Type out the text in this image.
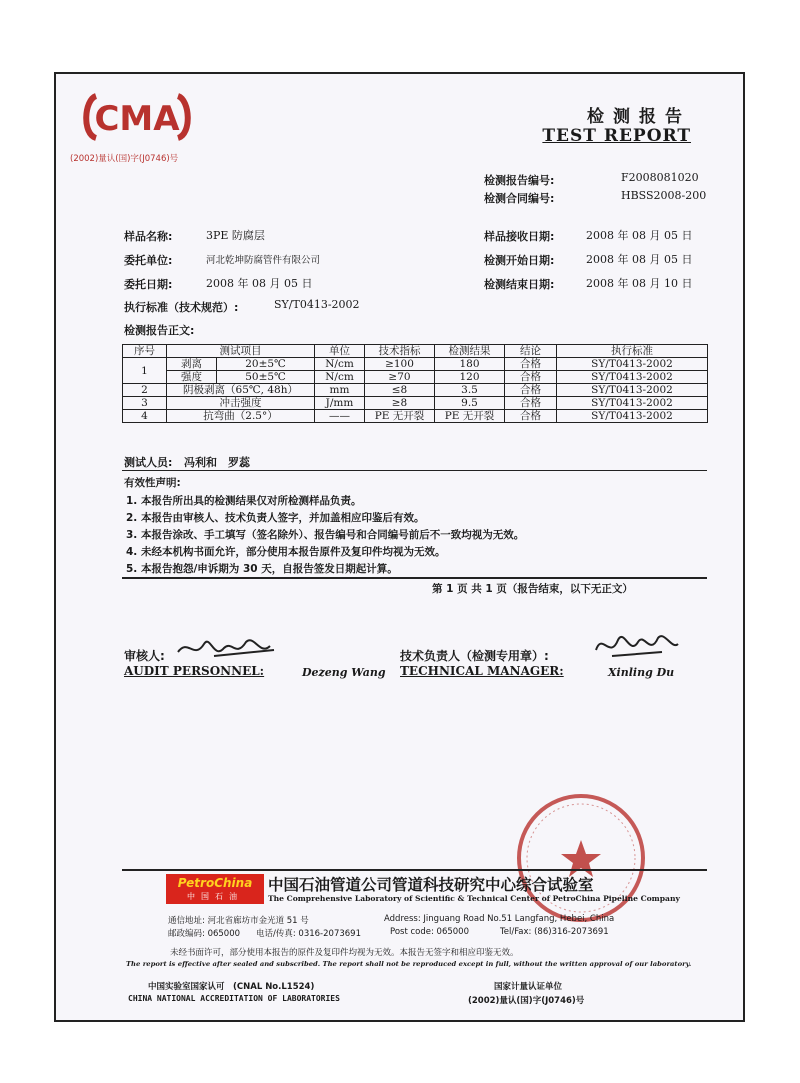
CMA
(2002)量认(国)字(J0746)号
检测报告
TEST REPORT
检测报告编号:	F2008081020
检测合同编号:	HBSS2008-200
样品名称:	3PE 防腐层
委托单位:	河北乾坤防腐管件有限公司
委托日期:	2008 年 08 月 05 日
执行标准（技术规范）:	SY/T0413-2002
检测报告正文:
样品接收日期:	2008 年 08 月 05 日
检测开始日期:	2008 年 08 月 05 日
检测结束日期:	2008 年 08 月 10 日
序号	测试项目		单位	技术指标	检测结果	结论	执行标准
1	剥离	20±5℃	N/cm	≥100	180	合格	SY/T0413-2002
	强度	50±5℃	N/cm	≥70	120	合格	SY/T0413-2002
2	阴极剥离（65℃, 48h）		mm	≤8	3.5	合格	SY/T0413-2002
3	冲击强度		J/mm	≥8	9.5	合格	SY/T0413-2002
4	抗弯曲（2.5°）		——	PE 无开裂	PE 无开裂	合格	SY/T0413-2002
测试人员: 冯利和　罗蕊
有效性声明:
1. 本报告所出具的检测结果仅对所检测样品负责。
2. 本报告由审核人、技术负责人签字，并加盖相应印鉴后有效。
3. 本报告涂改、手工填写（签名除外）、报告编号和合同编号前后不一致均视为无效。
4. 未经本机构书面允许，部分使用本报告原件及复印件均视为无效。
5. 本报告抱怨/申诉期为 30 天，自报告签发日期起计算。
第 1 页 共 1 页（报告结束，以下无正文）
审核人:
AUDIT PERSONNEL:	Dezeng Wang
技术负责人（检测专用章）:
TECHNICAL MANAGER:	Xinling Du
PetroChina
中国石油
中国石油管道公司管道科技研究中心综合试验室
The Comprehensive Laboratory of Scientific & Technical Center of PetroChina Pipeline Company
通信地址: 河北省廊坊市金光道 51 号	Address: Jinguang Road No.51 Langfang, Hebei, China
邮政编码: 065000 电话/传真: 0316-2073691	Post code: 065000	Tel/Fax: (86)316-2073691
未经书面许可，部分使用本报告的原件及复印件均视为无效。本报告无签字和相应印鉴无效。
The report is effective after sealed and subscribed. The report shall not be reproduced except in full, without the written approval of our laboratory.
中国实验室国家认可　(CNAL No.L1524)
CHINA NATIONAL ACCREDITATION OF LABORATORIES
国家计量认证单位
(2002)量认(国)字(J0746)号
